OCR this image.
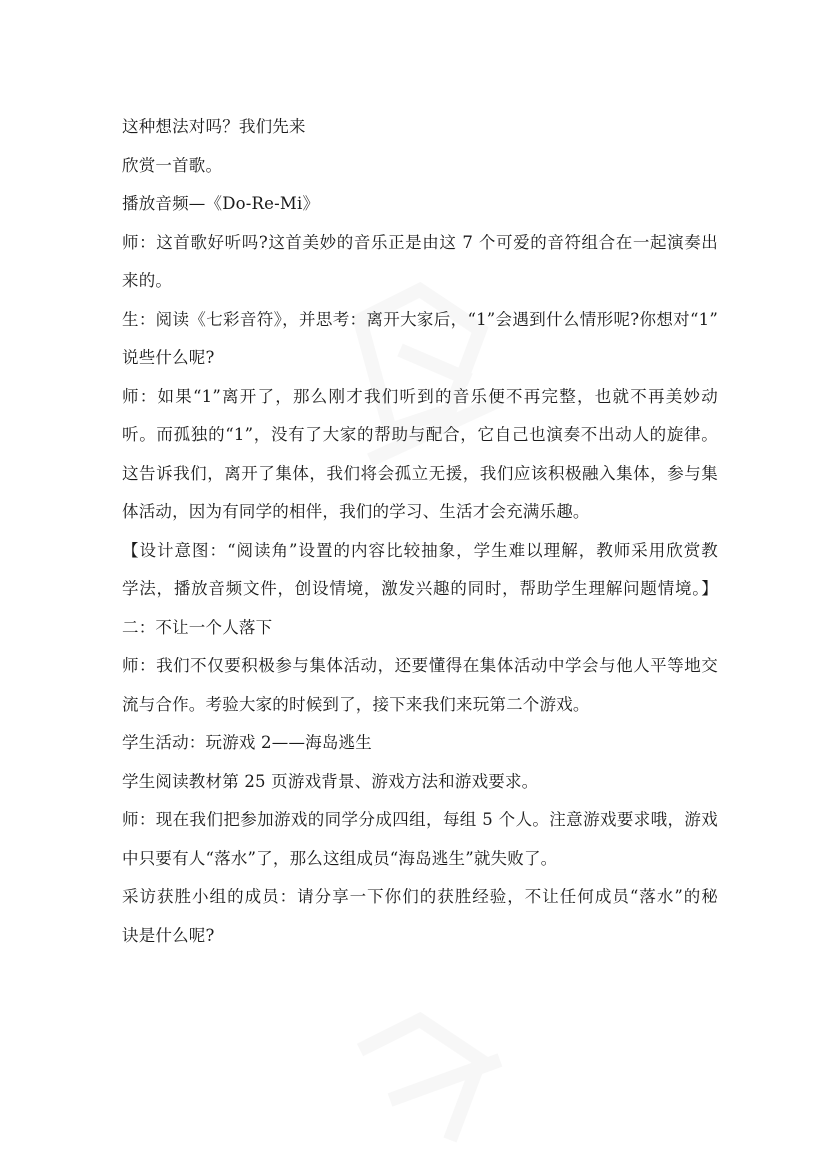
这种想法对吗？我们先来
欣赏一首歌。
播放音频—《Do-Re-Mi》
师：这首歌好听吗?这首美妙的音乐正是由这 7 个可爱的音符组合在一起演奏出
来的。
生：阅读《七彩音符》，并思考：离开大家后，“1”会遇到什么情形呢?你想对“1”
说些什么呢?
师：如果“1”离开了，那么刚才我们听到的音乐便不再完整，也就不再美妙动
听。而孤独的“1”，没有了大家的帮助与配合，它自己也演奏不出动人的旋律。
这告诉我们，离开了集体，我们将会孤立无援，我们应该积极融入集体，参与集
体活动，因为有同学的相伴，我们的学习、生活才会充满乐趣。
【设计意图：“阅读角”设置的内容比较抽象，学生难以理解，教师采用欣赏教
学法，播放音频文件，创设情境，激发兴趣的同时，帮助学生理解问题情境。】
二：不让一个人落下
师：我们不仅要积极参与集体活动，还要懂得在集体活动中学会与他人平等地交
流与合作。考验大家的时候到了，接下来我们来玩第二个游戏。
学生活动：玩游戏 2——海岛逃生
学生阅读教材第 25 页游戏背景、游戏方法和游戏要求。
师：现在我们把参加游戏的同学分成四组，每组 5 个人。注意游戏要求哦，游戏
中只要有人“落水”了，那么这组成员“海岛逃生”就失败了。
采访获胜小组的成员：请分享一下你们的获胜经验，不让任何成员“落水”的秘
诀是什么呢?
